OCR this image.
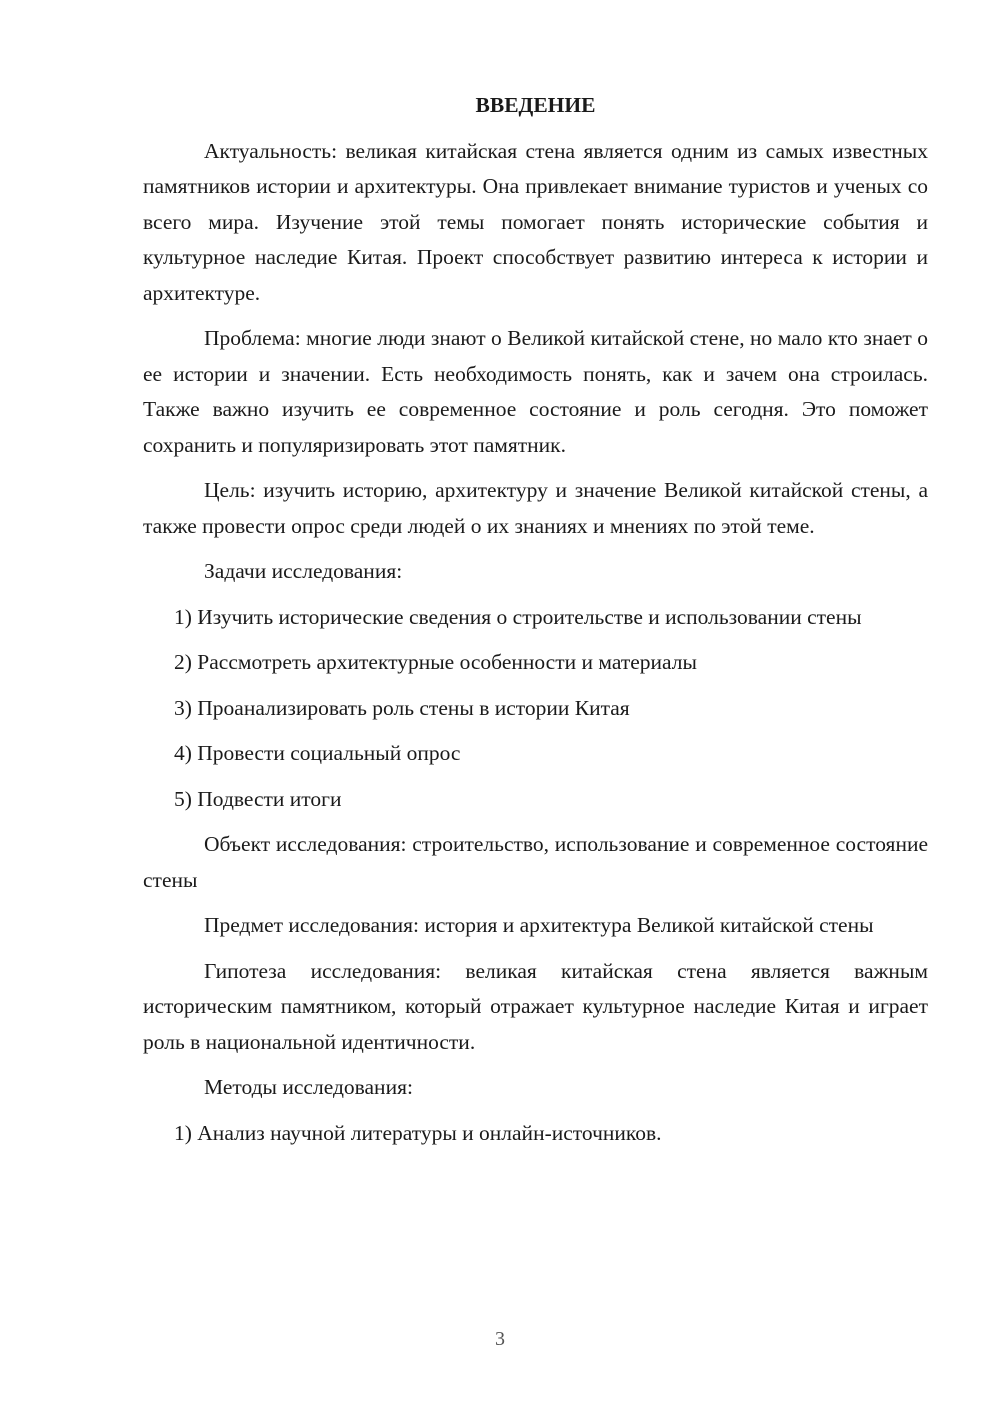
ВВЕДЕНИЕ
Актуальность: великая китайская стена является одним из самых известных памятников истории и архитектуры. Она привлекает внимание туристов и ученых со всего мира. Изучение этой темы помогает понять исторические события и культурное наследие Китая. Проект способствует развитию интереса к истории и архитектуре.
Проблема: многие люди знают о Великой китайской стене, но мало кто знает о ее истории и значении. Есть необходимость понять, как и зачем она строилась. Также важно изучить ее современное состояние и роль сегодня. Это поможет сохранить и популяризировать этот памятник.
Цель: изучить историю, архитектуру и значение Великой китайской стены, а также провести опрос среди людей о их знаниях и мнениях по этой теме.
Задачи исследования:
1) Изучить исторические сведения о строительстве и использовании стены
2) Рассмотреть архитектурные особенности и материалы
3) Проанализировать роль стены в истории Китая
4) Провести социальный опрос
5) Подвести итоги
Объект исследования: строительство, использование и современное состояние стены
Предмет исследования: история и архитектура Великой китайской стены
Гипотеза исследования: великая китайская стена является важным историческим памятником, который отражает культурное наследие Китая и играет роль в национальной идентичности.
Методы исследования:
1) Анализ научной литературы и онлайн-источников.
3
